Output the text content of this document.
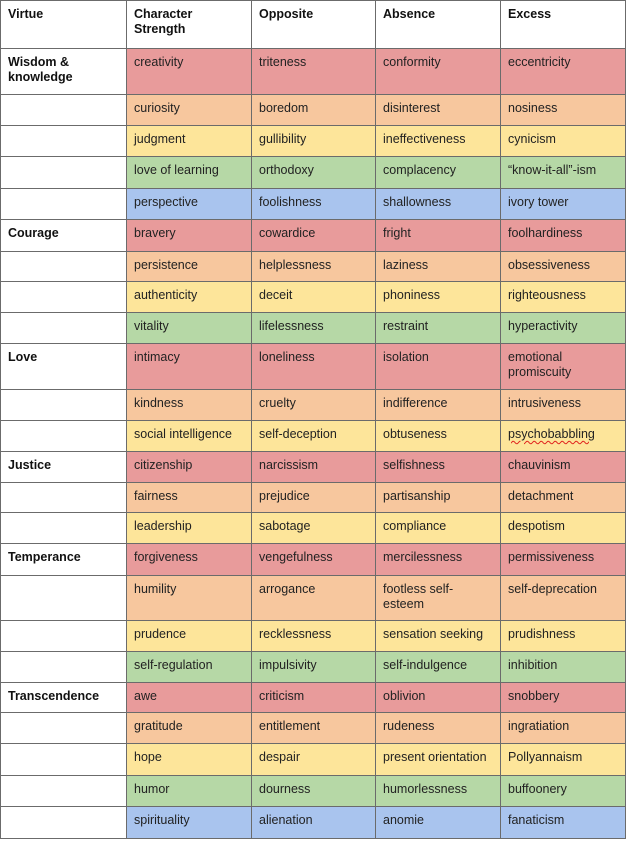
Virtue	Character Strength	Opposite	Absence	Excess
Wisdom & knowledge	creativity	triteness	conformity	eccentricity
	curiosity	boredom	disinterest	nosiness
	judgment	gullibility	ineffectiveness	cynicism
	love of learning	orthodoxy	complacency	“know-it-all”-ism
	perspective	foolishness	shallowness	ivory tower
Courage	bravery	cowardice	fright	foolhardiness
	persistence	helplessness	laziness	obsessiveness
	authenticity	deceit	phoniness	righteousness
	vitality	lifelessness	restraint	hyperactivity
Love	intimacy	loneliness	isolation	emotional promiscuity
	kindness	cruelty	indifference	intrusiveness
	social intelligence	self-deception	obtuseness	psychobabbling
Justice	citizenship	narcissism	selfishness	chauvinism
	fairness	prejudice	partisanship	detachment
	leadership	sabotage	compliance	despotism
Temperance	forgiveness	vengefulness	mercilessness	permissiveness
	humility	arrogance	footless self-esteem	self-deprecation
	prudence	recklessness	sensation seeking	prudishness
	self-regulation	impulsivity	self-indulgence	inhibition
Transcendence	awe	criticism	oblivion	snobbery
	gratitude	entitlement	rudeness	ingratiation
	hope	despair	present orientation	Pollyannaism
	humor	dourness	humorlessness	buffoonery
	spirituality	alienation	anomie	fanaticism
